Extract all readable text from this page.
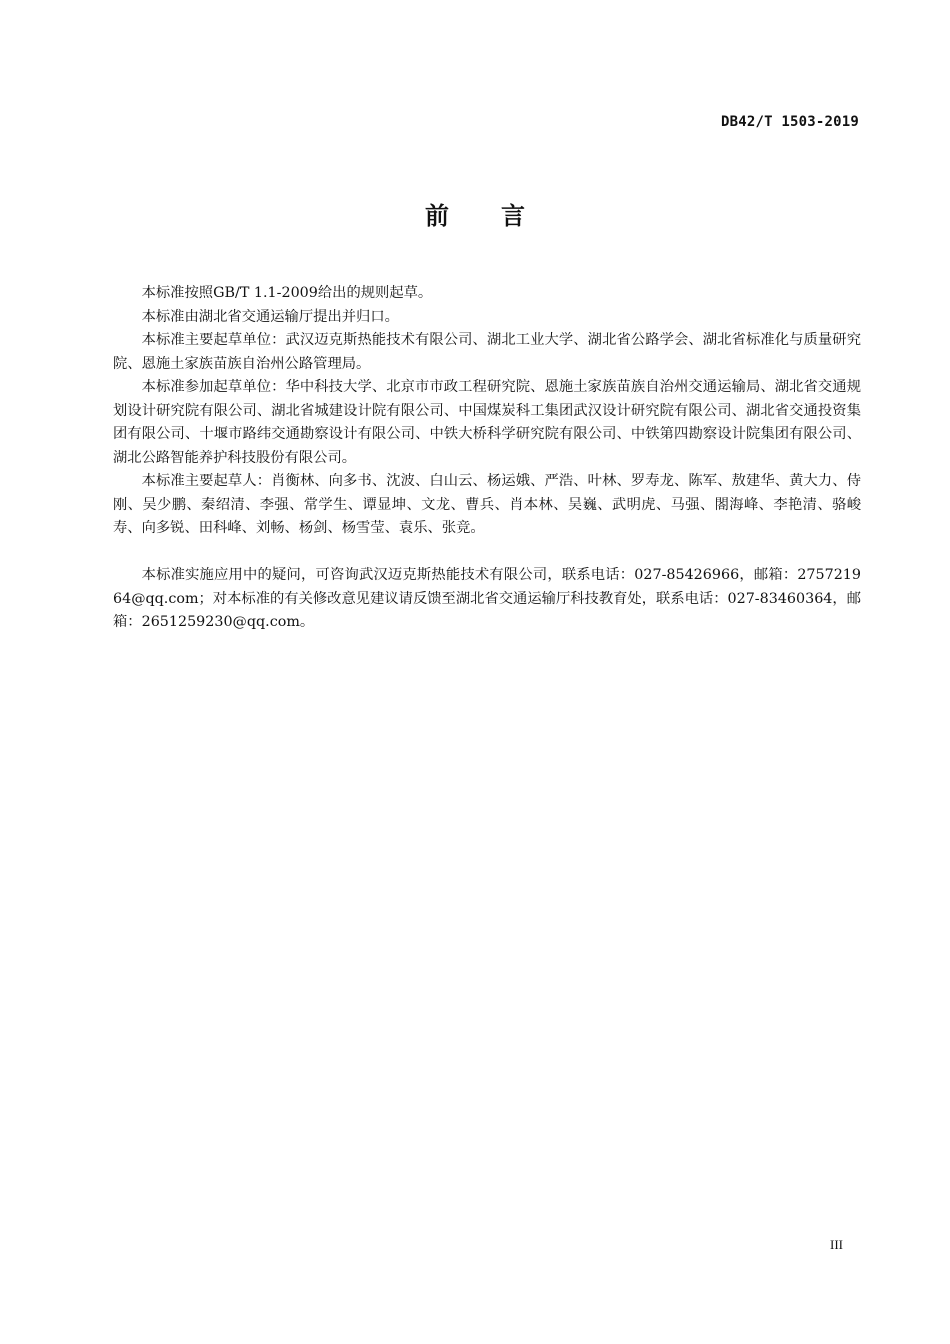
DB42/T 1503-2019
前言

本标准按照GB/T 1.1-2009给出的规则起草。

本标准由湖北省交通运输厅提出并归口。

本标准主要起草单位：武汉迈克斯热能技术有限公司、湖北工业大学、湖北省公路学会、湖北省标准化与质量研究院、恩施土家族苗族自治州公路管理局。

本标准参加起草单位：华中科技大学、北京市市政工程研究院、恩施土家族苗族自治州交通运输局、湖北省交通规划设计研究院有限公司、湖北省城建设计院有限公司、中国煤炭科工集团武汉设计研究院有限公司、湖北省交通投资集团有限公司、十堰市路纬交通勘察设计有限公司、中铁大桥科学研究院有限公司、中铁第四勘察设计院集团有限公司、湖北公路智能养护科技股份有限公司。

本标准主要起草人：肖衡林、向多书、沈波、白山云、杨运娥、严浩、叶林、罗寿龙、陈军、敖建华、黄大力、侍刚、吴少鹏、秦绍清、李强、常学生、谭显坤、文龙、曹兵、肖本林、吴巍、武明虎、马强、閤海峰、李艳清、骆峻寿、向多锐、田科峰、刘畅、杨剑、杨雪莹、袁乐、张竞。

本标准实施应用中的疑问，可咨询武汉迈克斯热能技术有限公司，联系电话：027-85426966，邮箱：275721964@qq.com；对本标准的有关修改意见建议请反馈至湖北省交通运输厅科技教育处，联系电话：027-83460364，邮箱：2651259230@qq.com。

III
